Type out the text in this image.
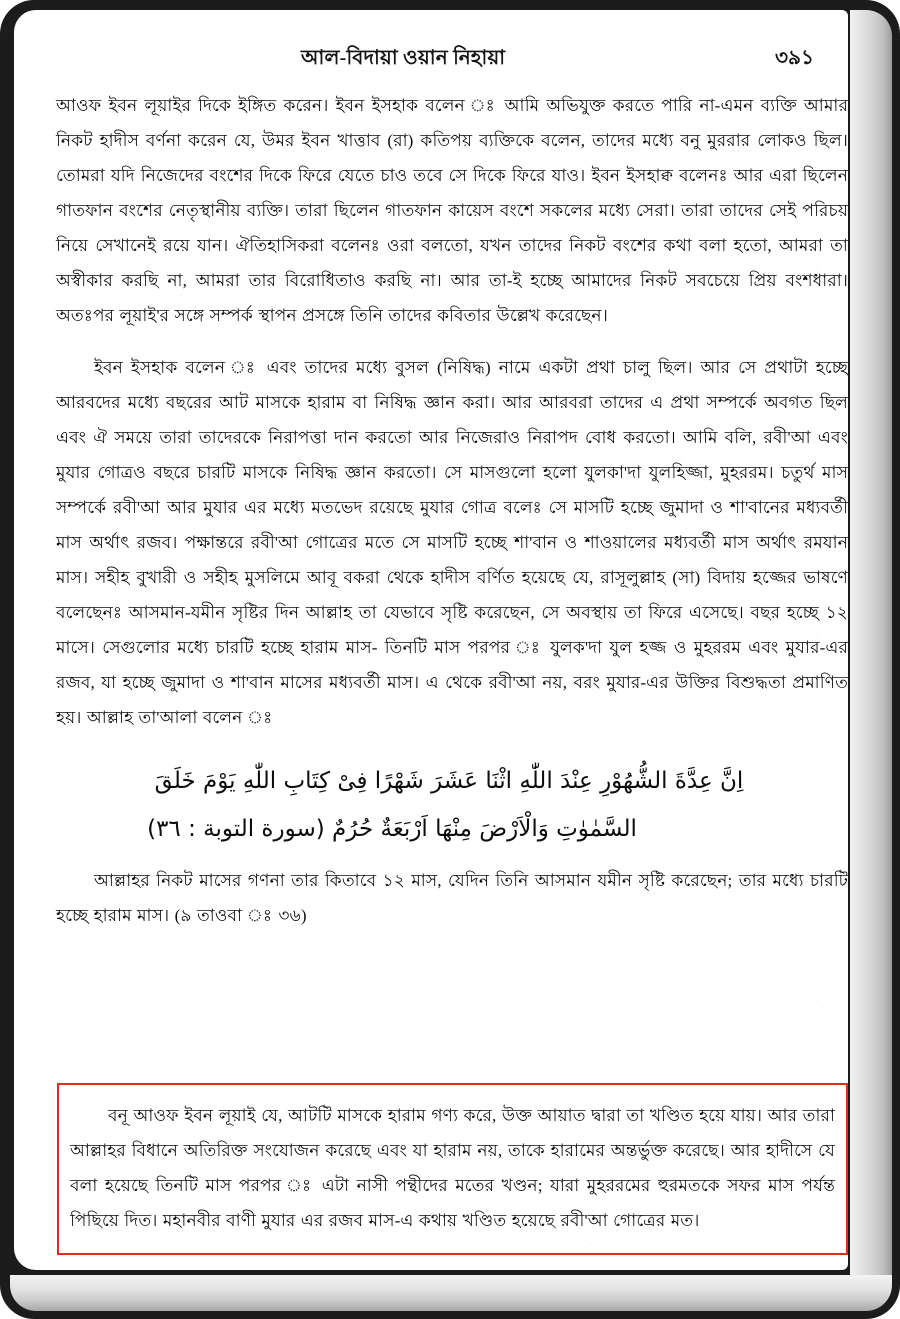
আল-বিদায়া ওয়ান নিহায়া	৩৯১

আওফ ইবন লূয়াইর দিকে ইঙ্গিত করেন। ইবন ইসহাক বলেন ঃ আমি অভিযুক্ত করতে পারি না-এমন ব্যক্তি আমার নিকট হাদীস বর্ণনা করেন যে, উমর ইবন খাত্তাব (রা) কতিপয় ব্যক্তিকে বলেন, তাদের মধ্যে বনু মুররার লোকও ছিল। তোমরা যদি নিজেদের বংশের দিকে ফিরে যেতে চাও তবে সে দিকে ফিরে যাও। ইবন ইসহাক্ব বলেনঃ আর এরা ছিলেন গাতফান বংশের নেতৃস্থানীয় ব্যক্তি। তারা ছিলেন গাতফান কায়েস বংশে সকলের মধ্যে সেরা। তারা তাদের সেই পরিচয় নিয়ে সেখানেই রয়ে যান। ঐতিহাসিকরা বলেনঃ ওরা বলতো, যখন তাদের নিকট বংশের কথা বলা হতো, আমরা তা অস্বীকার করছি না, আমরা তার বিরোধিতাও করছি না। আর তা-ই হচ্ছে আমাদের নিকট সবচেয়ে প্রিয় বংশধারা। অতঃপর লূয়াই'র সঙ্গে সম্পর্ক স্থাপন প্রসঙ্গে তিনি তাদের কবিতার উল্লেখ করেছেন।

ইবন ইসহাক বলেন ঃ এবং তাদের মধ্যে বুসল (নিষিদ্ধ) নামে একটা প্রথা চালু ছিল। আর সে প্রথাটা হচ্ছে আরবদের মধ্যে বছরের আট মাসকে হারাম বা নিষিদ্ধ জ্ঞান করা। আর আরবরা তাদের এ প্রথা সম্পর্কে অবগত ছিল এবং ঐ সময়ে তারা তাদেরকে নিরাপত্তা দান করতো আর নিজেরাও নিরাপদ বোধ করতো। আমি বলি, রবী'আ এবং মুযার গোত্রও বছরে চারটি মাসকে নিষিদ্ধ জ্ঞান করতো। সে মাসগুলো হলো যুলকা'দা যুলহিজ্জা, মুহররম। চতুর্থ মাস সম্পর্কে রবী'আ আর মুযার এর মধ্যে মতভেদ রয়েছে মুযার গোত্র বলেঃ সে মাসটি হচ্ছে জুমাদা ও শা'বানের মধ্যবর্তী মাস অর্থাৎ রজব। পক্ষান্তরে রবী'আ গোত্রের মতে সে মাসটি হচ্ছে শা'বান ও শাওয়ালের মধ্যবর্তী মাস অর্থাৎ রমযান মাস। সহীহ বুখারী ও সহীহ মুসলিমে আবূ বকরা থেকে হাদীস বর্ণিত হয়েছে যে, রাসূলুল্লাহ (সা) বিদায় হজ্জের ভাষণে বলেছেনঃ আসমান-যমীন সৃষ্টির দিন আল্লাহ তা যেভাবে সৃষ্টি করেছেন, সে অবস্থায় তা ফিরে এসেছে। বছর হচ্ছে ১২ মাসে। সেগুলোর মধ্যে চারটি হচ্ছে হারাম মাস- তিনটি মাস পরপর ঃ যুলক'দা যুল হজ্জ ও মুহররম এবং মুযার-এর রজব, যা হচ্ছে জুমাদা ও শা'বান মাসের মধ্যবর্তী মাস। এ থেকে রবী'আ নয়, বরং মুযার-এর উক্তির বিশুদ্ধতা প্রমাণিত হয়। আল্লাহ তা'আলা বলেন ঃ

اِنَّ عِدَّةَ الشُّهُوْرِ عِنْدَ اللّٰهِ اثْنَا عَشَرَ شَهْرًا فِىْ كِتَابِ اللّٰهِ يَوْمَ خَلَقَ
السَّمٰوٰتِ وَالْاَرْضَ مِنْهَا اَرْبَعَةٌ حُرُمٌ (سورة التوبة : ٣٦)

আল্লাহর নিকট মাসের গণনা তার কিতাবে ১২ মাস, যেদিন তিনি আসমান যমীন সৃষ্টি করেছেন; তার মধ্যে চারটি হচ্ছে হারাম মাস। (৯ তাওবা ঃ ৩৬)

বনূ আওফ ইবন লূয়াই যে, আটটি মাসকে হারাম গণ্য করে, উক্ত আয়াত দ্বারা তা খণ্ডিত হয়ে যায়। আর তারা আল্লাহর বিধানে অতিরিক্ত সংযোজন করেছে এবং যা হারাম নয়, তাকে হারামের অন্তর্ভুক্ত করেছে। আর হাদীসে যে বলা হয়েছে তিনটি মাস পরপর ঃ এটা নাসী পন্থীদের মতের খণ্ডন; যারা মুহররমের হুরমতকে সফর মাস পর্যন্ত পিছিয়ে দিত। মহানবীর বাণী মুযার এর রজব মাস-এ কথায় খণ্ডিত হয়েছে রবী'আ গোত্রের মত।
